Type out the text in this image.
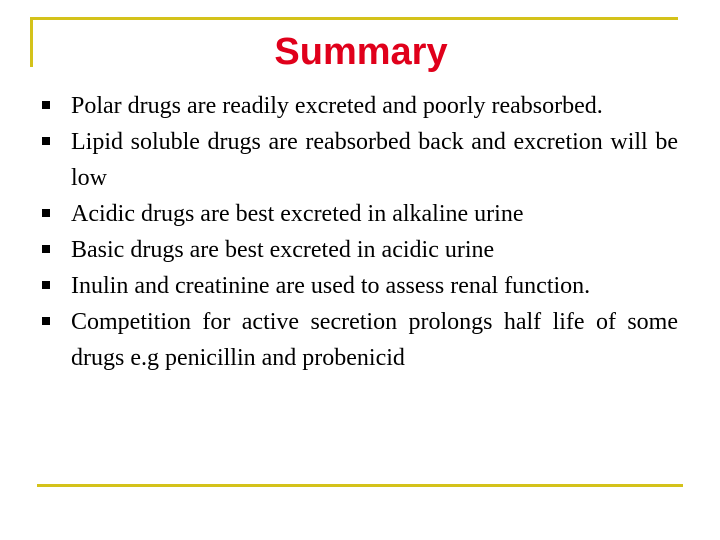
Summary
Polar drugs are readily excreted and poorly reabsorbed.
Lipid soluble drugs are reabsorbed back and excretion will be low
Acidic drugs are best excreted in alkaline urine
Basic drugs are best excreted in acidic urine
Inulin and creatinine are used to assess renal function.
Competition for active secretion prolongs half life of some drugs e.g penicillin and probenicid
